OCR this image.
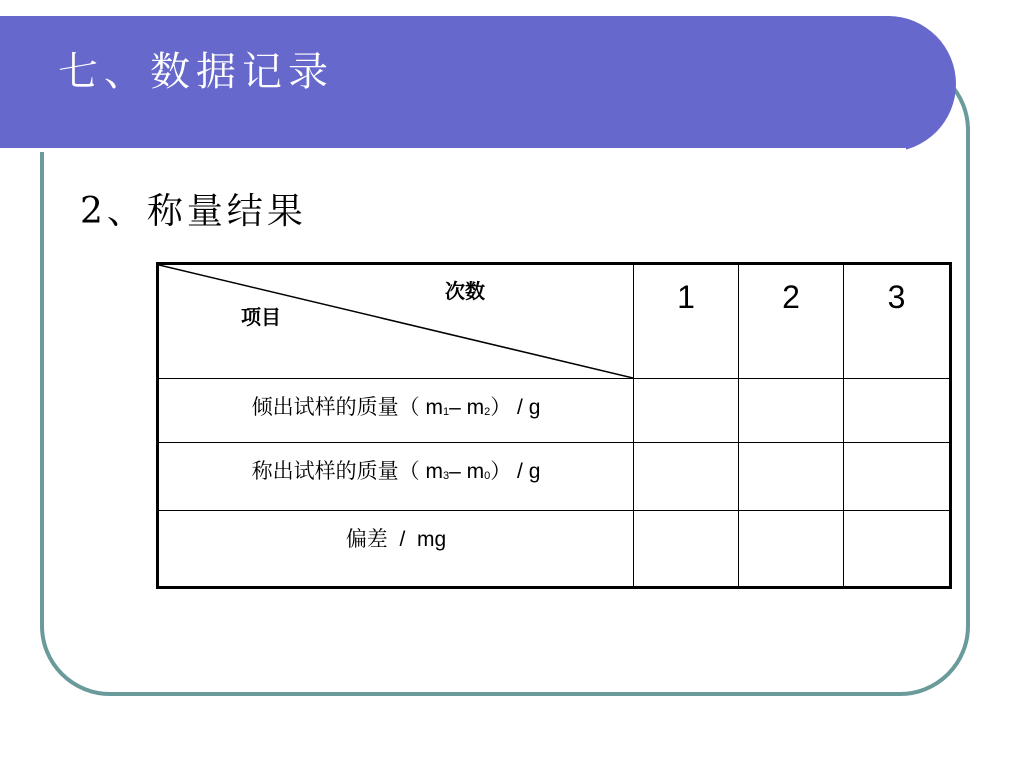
七、数据记录
2、称量结果
次数
项目	1	2	3
倾出试样的质量（ $m_1-$ $m_2$） / g			
称出试样的质量（ $m_3-$ $m_0$） / g			
偏差  /  mg			
